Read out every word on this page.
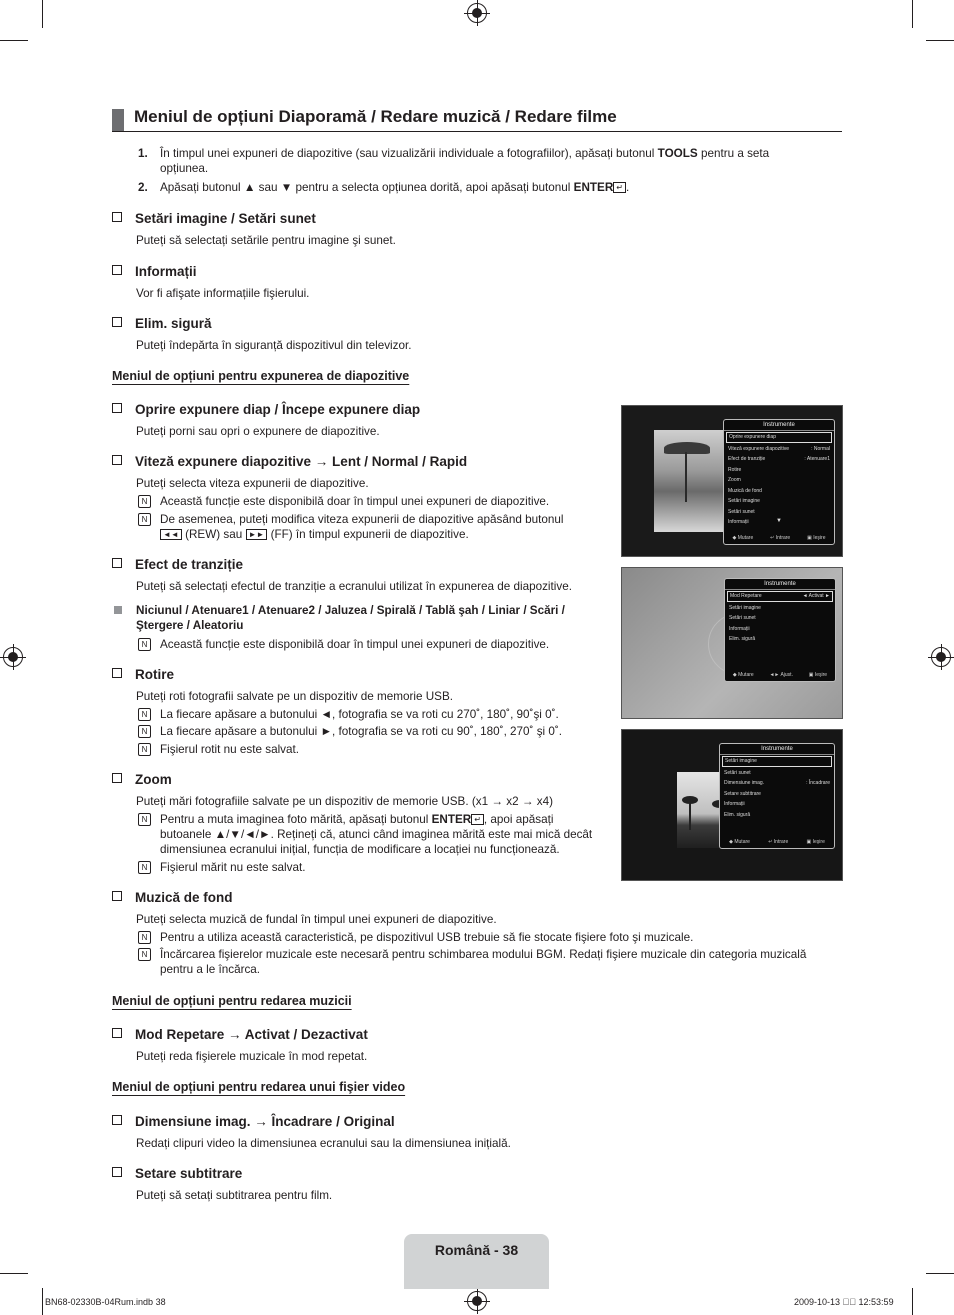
Meniul de opțiuni Diaporamă / Redare muzică / Redare filme
1. În timpul unei expuneri de diapozitive (sau vizualizării individuale a fotografiilor), apăsați butonul TOOLS pentru a seta
opțiunea.
2. Apăsați butonul ▲ sau ▼ pentru a selecta opțiunea dorită, apoi apăsați butonul ENTER ↵ .
Setări imagine / Setări sunet
Puteți să selectați setările pentru imagine şi sunet.
Informații
Vor fi afişate informațiile fişierului.
Elim. sigură
Puteți îndepărta în siguranță dispozitivul din televizor.
Meniul de opțiuni pentru expunerea de diapozitive
Oprire expunere diap / Începe expunere diap
Puteți porni sau opri o expunere de diapozitive.
Viteză expunere diapozitive → Lent / Normal / Rapid
Puteți selecta viteza expunerii de diapozitive.
N	Această funcție este disponibilă doar în timpul unei expuneri de diapozitive.
N	De asemenea, puteți modifica viteza expunerii de diapozitive apăsând butonul
◄◄ (REW) sau ►► (FF) în timpul expunerii de diapozitive.
Efect de tranziție
Puteți să selectați efectul de tranziție a ecranului utilizat în expunerea de diapozitive.
Niciunul / Atenuare1 / Atenuare2 / Jaluzea / Spirală / Tablă şah / Liniar / Scări /
Ştergere / Aleatoriu
N	Această funcție este disponibilă doar în timpul unei expuneri de diapozitive.
Rotire
Puteți roti fotografii salvate pe un dispozitiv de memorie USB.
N	La fiecare apăsare a butonului ◄, fotografia se va roti cu 270˚, 180˚, 90˚şi 0˚.
N	La fiecare apăsare a butonului ►, fotografia se va roti cu 90˚, 180˚, 270˚ şi 0˚.
N	Fişierul rotit nu este salvat.
Zoom
Puteți mări fotografiile salvate pe un dispozitiv de memorie USB. (x1 → x2 → x4)
N	Pentru a muta imaginea foto mărită, apăsați butonul ENTER ↵ , apoi apăsați
butoanele ▲/▼/◄/►. Rețineți că, atunci când imaginea mărită este mai mică decât
dimensiunea ecranului inițial, funcția de modificare a locației nu funcționează.
N	Fişierul mărit nu este salvat.
Muzică de fond
Puteți selecta muzică de fundal în timpul unei expuneri de diapozitive.
N	Pentru a utiliza această caracteristică, pe dispozitivul USB trebuie să fie stocate fişiere foto şi muzicale.
N	Încărcarea fişierelor muzicale este necesară pentru schimbarea modului BGM. Redați fişiere muzicale din categoria muzicală
pentru a le încărca.
Meniul de opțiuni pentru redarea muzicii
Mod Repetare → Activat / Dezactivat
Puteți reda fişierele muzicale în mod repetat.
Meniul de opțiuni pentru redarea unui fişier video
Dimensiune imag. → Încadrare / Original
Redați clipuri video la dimensiunea ecranului sau la dimensiunea inițială.
Setare subtitrare
Puteți să setați subtitrarea pentru film.
Instrumente
Oprire expunere diap
Viteză expunere diapozitive	: Normal
Efect de tranziție	: Atenuare1
Rotire
Zoom
Muzică de fond
Setări imagine
Setări sunet
Informații	▼
◆ Mutare	↵ Intrare	▣ Ieşire
Instrumente
Mod Repetare	◄ Activat ►
Setări imagine
Setări sunet
Informații
Elim. sigură
◆ Mutare	◄► Ajust.	▣ Ieşire
Instrumente
Setări imagine
Setări sunet
Dimensiune imag.	: Încadrare
Setare subtitrare
Informații
Elim. sigură
◆ Mutare	↵ Intrare	▣ Ieşire
Română - 38
BN68-02330B-04Rum.indb 38	2009-10-13 ￿￿ 12:53:59
